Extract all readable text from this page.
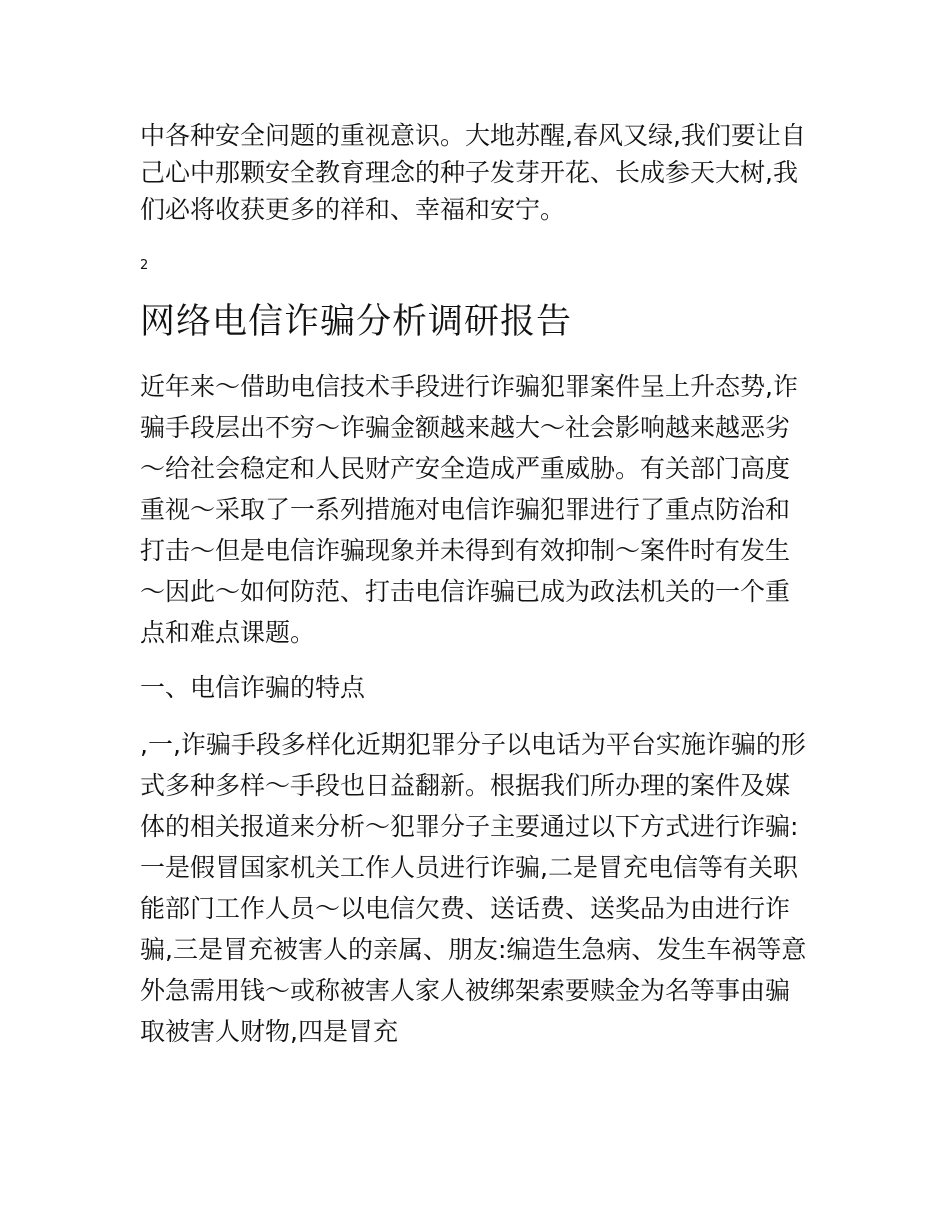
中各种安全问题的重视意识。大地苏醒,春风又绿,我们要让自己心中那颗安全教育理念的种子发芽开花、长成参天大树,我们必将收获更多的祥和、幸福和安宁。

2
网络电信诈骗分析调研报告

近年来～借助电信技术手段进行诈骗犯罪案件呈上升态势,诈骗手段层出不穷～诈骗金额越来越大～社会影响越来越恶劣～给社会稳定和人民财产安全造成严重威胁。有关部门高度重视～采取了一系列措施对电信诈骗犯罪进行了重点防治和打击～但是电信诈骗现象并未得到有效抑制～案件时有发生～因此～如何防范、打击电信诈骗已成为政法机关的一个重点和难点课题。

一、电信诈骗的特点

,一,诈骗手段多样化近期犯罪分子以电话为平台实施诈骗的形式多种多样～手段也日益翻新。根据我们所办理的案件及媒体的相关报道来分析～犯罪分子主要通过以下方式进行诈骗:一是假冒国家机关工作人员进行诈骗,二是冒充电信等有关职能部门工作人员～以电信欠费、送话费、送奖品为由进行诈骗,三是冒充被害人的亲属、朋友:编造生急病、发生车祸等意外急需用钱～或称被害人家人被绑架索要赎金为名等事由骗取被害人财物,四是冒充
